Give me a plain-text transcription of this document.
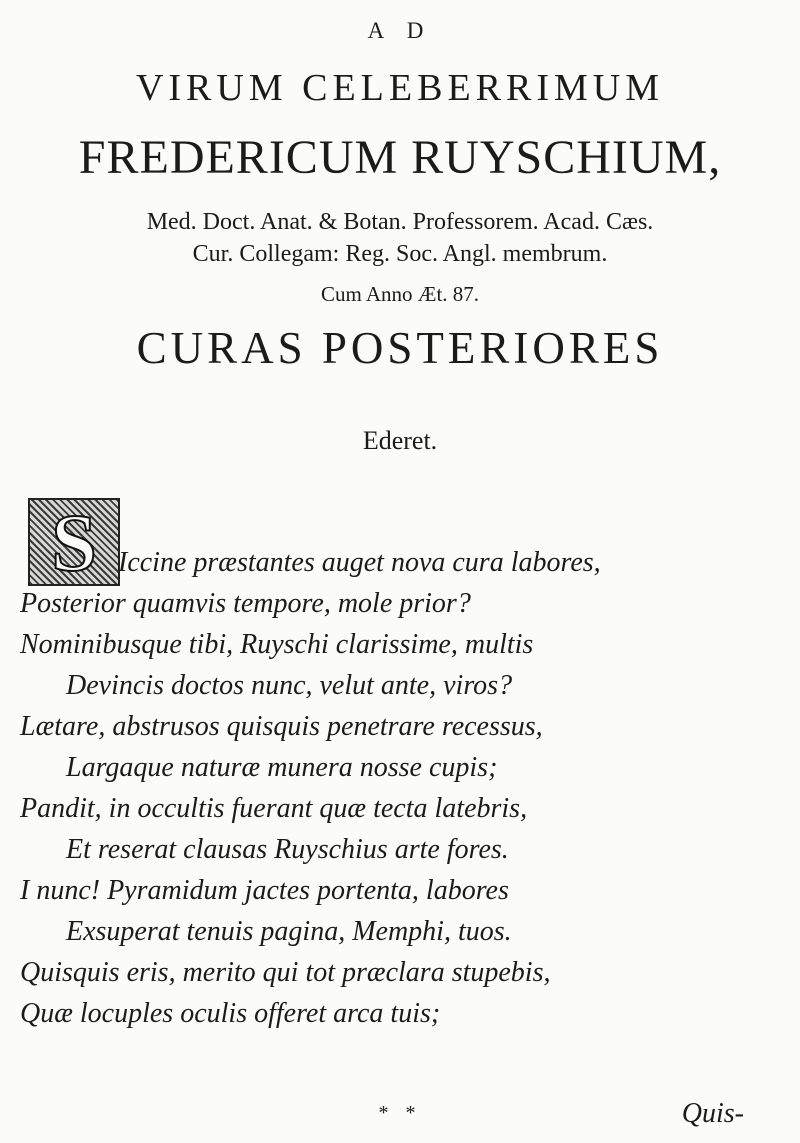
A D
VIRUM CELEBERRIMUM
FREDERICUM RUYSCHIUM,
Med. Doct. Anat. & Botan. Professorem. Acad. Cæs.
Cur. Collegam: Reg. Soc. Angl. membrum.
Cum Anno Æt. 87.
CURAS POSTERIORES
Ederet.
S Iccine præstantes auget nova cura labores,
Posterior quamvis tempore, mole prior?
Nominibusque tibi, Ruyschi clarissime, multis
Devincis doctos nunc, velut ante, viros?
Lætare, abstrusos quisquis penetrare recessus,
Largaque naturæ munera nosse cupis;
Pandit, in occultis fuerant quæ tecta latebris,
Et reserat clausas Ruyschius arte fores.
I nunc! Pyramidum jactes portenta, labores
Exsuperat tenuis pagina, Memphi, tuos.
Quisquis eris, merito qui tot præclara stupebis,
Quæ locuples oculis offeret arca tuis;
* *	Quis-
